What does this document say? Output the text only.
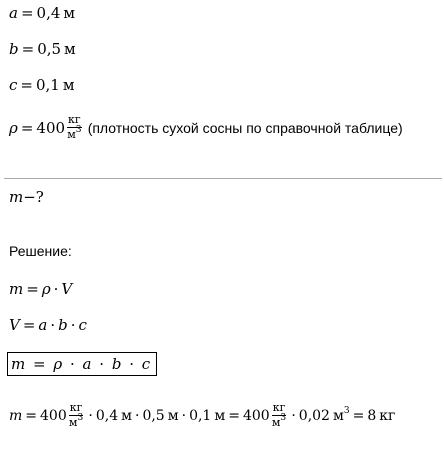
a = 0,4 м
b = 0,5 м
c = 0,1 м
$\rho = 400 \frac{кг}{м^3}$ (плотность сухой сосны по справочной таблице)
m −?
Решение:
m = ρ · V
V = a · b · c
m = ρ · a · b · c
$m = 400 \frac{кг}{м^3} \cdot 0,4$ м · 0,5 м · 0,1 $м = 400 \frac{кг}{м^3} \cdot 0,02$ $м^3 = 8$ кг
